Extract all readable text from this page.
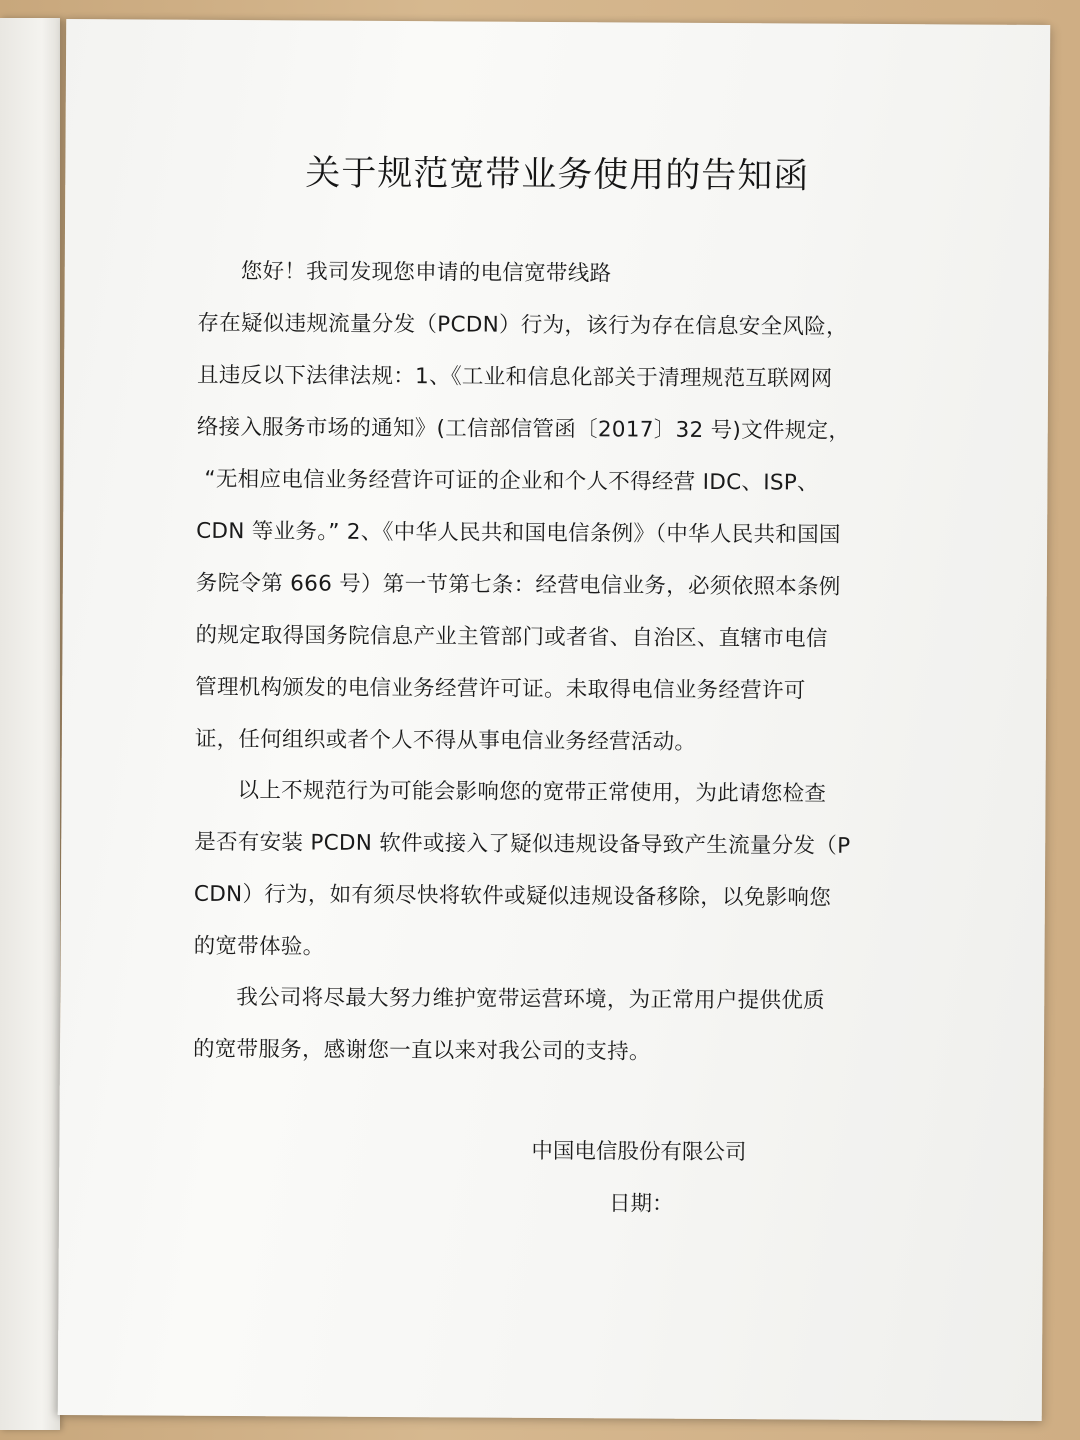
关于规范宽带业务使用的告知函
您好！我司发现您申请的电信宽带线路
存在疑似违规流量分发（PCDN）行为，该行为存在信息安全风险，
且违反以下法律法规：1、《工业和信息化部关于清理规范互联网网
络接入服务市场的通知》(工信部信管函〔2017〕32 号)文件规定，
“无相应电信业务经营许可证的企业和个人不得经营 IDC、ISP、
CDN 等业务。” 2、《中华人民共和国电信条例》（中华人民共和国国
务院令第 666 号）第一节第七条：经营电信业务，必须依照本条例
的规定取得国务院信息产业主管部门或者省、自治区、直辖市电信
管理机构颁发的电信业务经营许可证。未取得电信业务经营许可
证，任何组织或者个人不得从事电信业务经营活动。
以上不规范行为可能会影响您的宽带正常使用，为此请您检查
是否有安装 PCDN 软件或接入了疑似违规设备导致产生流量分发（P
CDN）行为，如有须尽快将软件或疑似违规设备移除，以免影响您
的宽带体验。
我公司将尽最大努力维护宽带运营环境，为正常用户提供优质
的宽带服务，感谢您一直以来对我公司的支持。
中国电信股份有限公司
日期：
